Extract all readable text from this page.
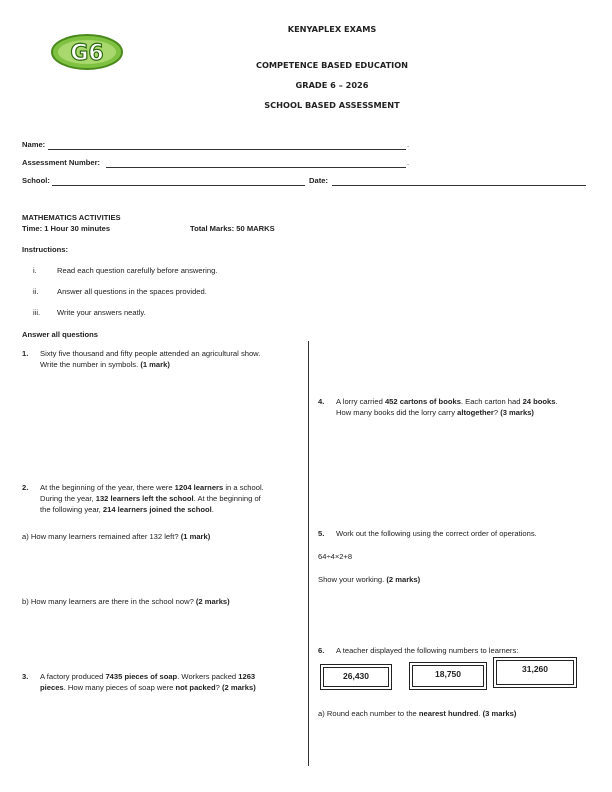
G6
KENYAPLEX EXAMS
COMPETENCE BASED EDUCATION
GRADE 6 – 2026
SCHOOL BASED ASSESSMENT
Name:	.
Assessment Number:	.
School:	Date:
MATHEMATICS ACTIVITIES
Time: 1 Hour 30 minutes	Total Marks: 50 MARKS
Instructions:
i.	Read each question carefully before answering.
ii. Answer all questions in the spaces provided.
iii. Write your answers neatly.
Answer all questions
1. Sixty five thousand and fifty people attended an agricultural show.
Write the number in symbols. (1 mark)
2. At the beginning of the year, there were 1204 learners in a school.
During the year, 132 learners left the school. At the beginning of
the following year, 214 learners joined the school.
a) How many learners remained after 132 left? (1 mark)
b) How many learners are there in the school now? (2 marks)
3. A factory produced 7435 pieces of soap. Workers packed 1263
pieces. How many pieces of soap were not packed? (2 marks)
4. A lorry carried 452 cartons of books. Each carton had 24 books.
How many books did the lorry carry altogether? (3 marks)
5. Work out the following using the correct order of operations.
64÷4×2+8
Show your working. (2 marks)
6. A teacher displayed the following numbers to learners:
26,430	18,750	31,260
a) Round each number to the nearest hundred. (3 marks)
